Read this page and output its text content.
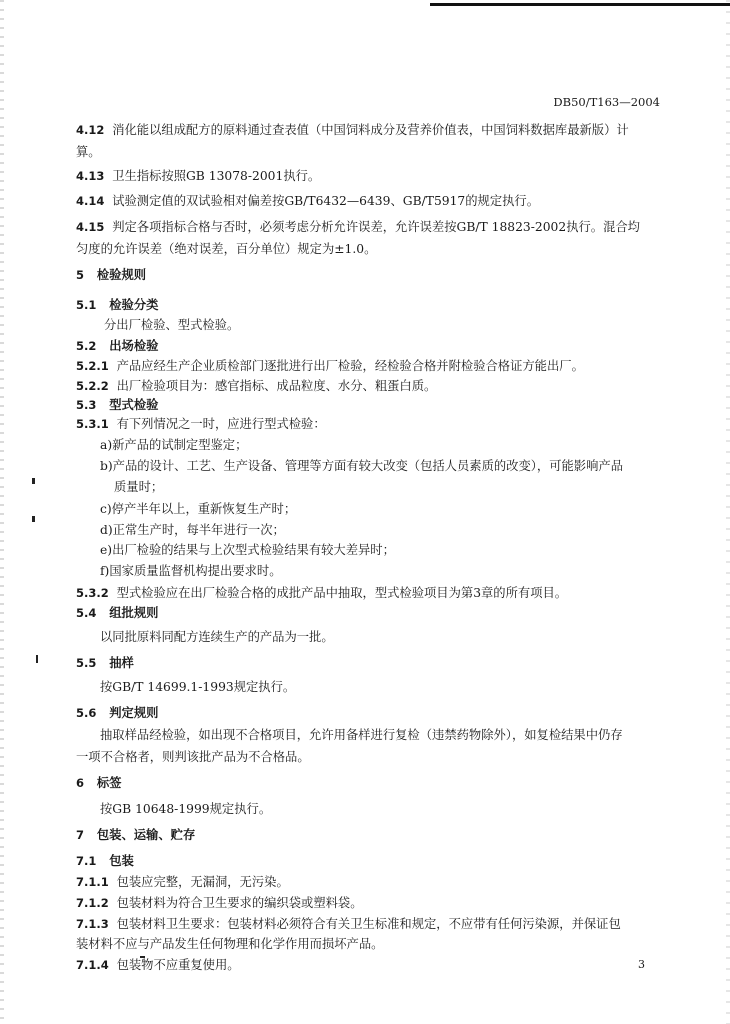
DB50/T163—2004
4.12 消化能以组成配方的原料通过查表值（中国饲料成分及营养价值表，中国饲料数据库最新版）计
算。
4.13 卫生指标按照GB 13078-2001执行。
4.14 试验测定值的双试验相对偏差按GB/T6432—6439、GB/T5917的规定执行。
4.15 判定各项指标合格与否时，必须考虑分析允许误差，允许误差按GB/T 18823-2002执行。混合均
匀度的允许误差（绝对误差，百分单位）规定为±1.0。
5 检验规则
5.1 检验分类
分出厂检验、型式检验。
5.2 出场检验
5.2.1 产品应经生产企业质检部门逐批进行出厂检验，经检验合格并附检验合格证方能出厂。
5.2.2 出厂检验项目为：感官指标、成品粒度、水分、粗蛋白质。
5.3 型式检验
5.3.1 有下列情况之一时，应进行型式检验：
a)新产品的试制定型鉴定；
b)产品的设计、工艺、生产设备、管理等方面有较大改变（包括人员素质的改变），可能影响产品
质量时；
c)停产半年以上，重新恢复生产时；
d)正常生产时，每半年进行一次；
e)出厂检验的结果与上次型式检验结果有较大差异时；
f)国家质量监督机构提出要求时。
5.3.2 型式检验应在出厂检验合格的成批产品中抽取，型式检验项目为第3章的所有项目。
5.4 组批规则
以同批原料同配方连续生产的产品为一批。
5.5 抽样
按GB/T 14699.1-1993规定执行。
5.6 判定规则
抽取样品经检验，如出现不合格项目，允许用备样进行复检（违禁药物除外），如复检结果中仍存
一项不合格者，则判该批产品为不合格品。
6 标签
按GB 10648-1999规定执行。
7 包装、运输、贮存
7.1 包装
7.1.1 包装应完整，无漏洞，无污染。
7.1.2 包装材料为符合卫生要求的编织袋或塑料袋。
7.1.3 包装材料卫生要求：包装材料必须符合有关卫生标准和规定，不应带有任何污染源，并保证包
装材料不应与产品发生任何物理和化学作用而损坏产品。
7.1.4 包装物不应重复使用。	3
